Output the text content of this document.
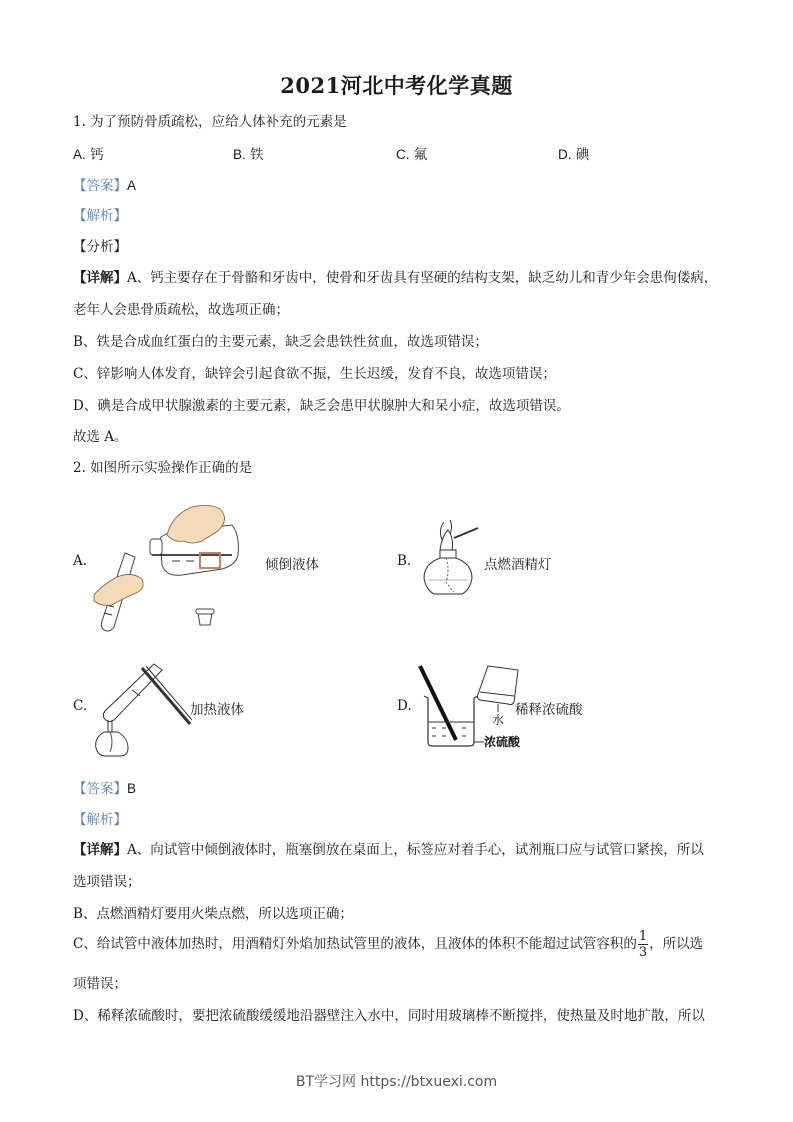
2021河北中考化学真题
1. 为了预防骨质疏松，应给人体补充的元素是
A. 钙	B. 铁	C. 氟	D. 碘
【答案】A
【解析】
【分析】
【详解】A、钙主要存在于骨骼和牙齿中，使骨和牙齿具有坚硬的结构支架，缺乏幼儿和青少年会患佝偻病，
老年人会患骨质疏松，故选项正确；
B、铁是合成血红蛋白的主要元素，缺乏会患铁性贫血，故选项错误；
C、锌影响人体发育，缺锌会引起食欲不振，生长迟缓，发育不良，故选项错误；
D、碘是合成甲状腺激素的主要元素，缺乏会患甲状腺肿大和呆小症，故选项错误。
故选 A。
2. 如图所示实验操作正确的是
A.	倾倒液体	B.	点燃酒精灯
C.	加热液体	D.
水
浓硫酸
稀释浓硫酸
【答案】B
【解析】
【详解】A、向试管中倾倒液体时，瓶塞倒放在桌面上，标签应对着手心，试剂瓶口应与试管口紧挨，所以
选项错误；
B、点燃酒精灯要用火柴点燃，所以选项正确；
C、给试管中液体加热时，用酒精灯外焰加热试管里的液体，且液体的体积不能超过试管容积的 $\frac{1}{3}$ ，所以选
项错误；
D、稀释浓硫酸时，要把浓硫酸缓缓地沿器壁注入水中，同时用玻璃棒不断搅拌，使热量及时地扩散，所以
BT学习网 https://btxuexi.com
